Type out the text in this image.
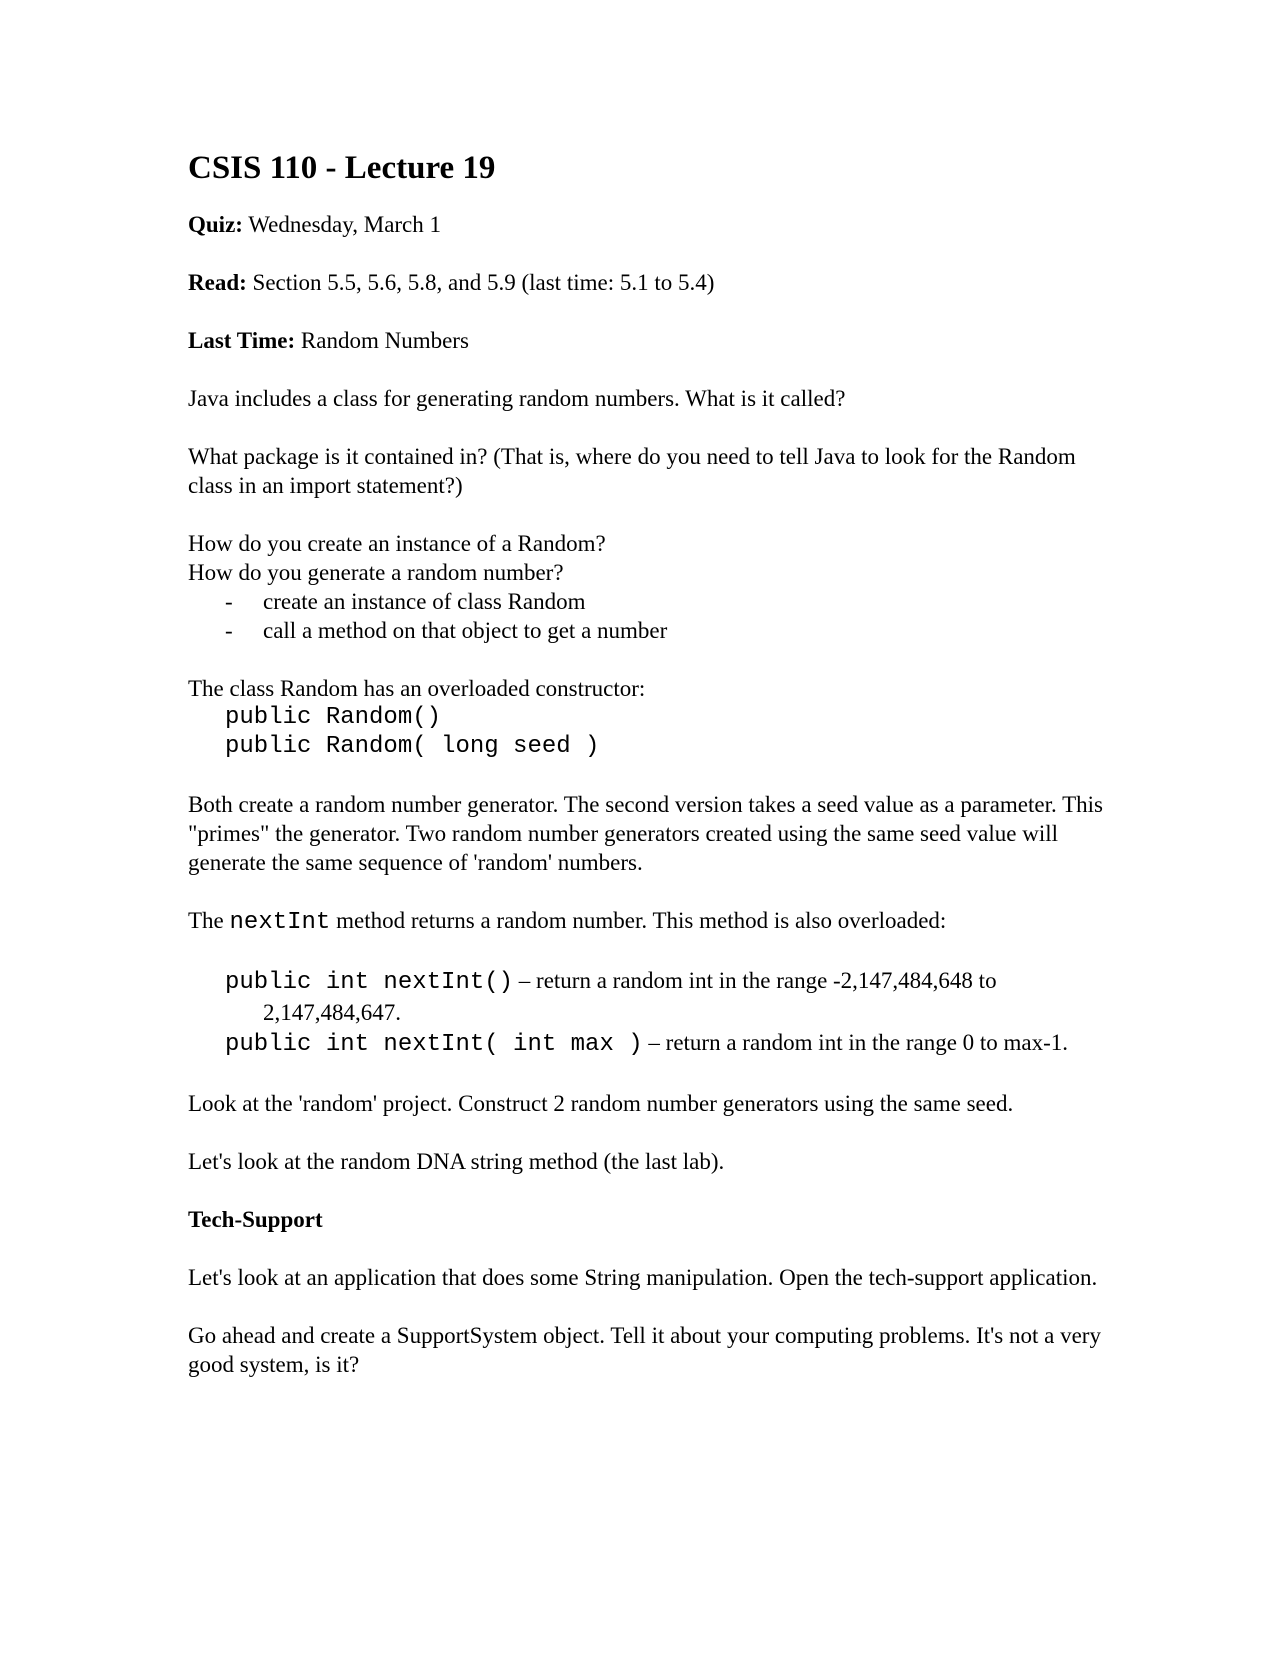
CSIS 110 - Lecture 19

Quiz: Wednesday, March 1

Read: Section 5.5, 5.6, 5.8, and 5.9 (last time: 5.1 to 5.4)

Last Time: Random Numbers

Java includes a class for generating random numbers. What is it called?

What package is it contained in? (That is, where do you need to tell Java to look for the Random class in an import statement?)

How do you create an instance of a Random?

How do you generate a random number?

- create an instance of class Random
- call a method on that object to get a number

The class Random has an overloaded constructor:

public Random()
public Random( long seed )

Both create a random number generator. The second version takes a seed value as a parameter. This "primes" the generator. Two random number generators created using the same seed value will generate the same sequence of 'random' numbers.

The nextInt method returns a random number. This method is also overloaded:

public int nextInt() – return a random int in the range -2,147,484,648 to 2,147,484,647.
public int nextInt( int max ) – return a random int in the range 0 to max-1.

Look at the 'random' project. Construct 2 random number generators using the same seed.

Let's look at the random DNA string method (the last lab).

Tech-Support

Let's look at an application that does some String manipulation. Open the tech-support application.

Go ahead and create a SupportSystem object. Tell it about your computing problems. It's not a very good system, is it?
